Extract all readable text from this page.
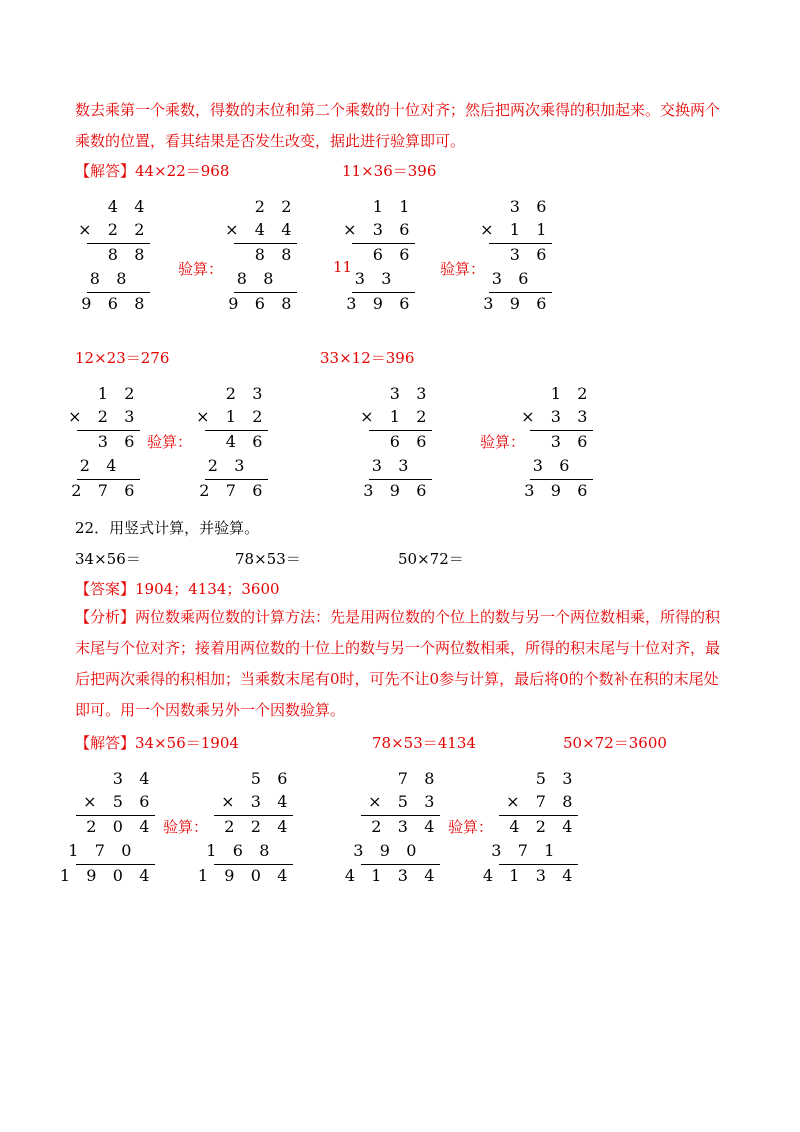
数去乘第一个乘数，得数的末位和第二个乘数的十位对齐；然后把两次乘得的积加起来。交换两个乘数的位置，看其结果是否发生改变，据此进行验算即可。
【解答】44×22＝968	11×36＝396
4 4
× 2 2
8 8
8 8
9 6 8
验算：
2 2
× 4 4
8 8
8 8
9 6 8
11
1 1
× 3 6
6 6
3 3
3 9 6
验算：
3 6
× 1 1
3 6
3 6
3 9 6
12×23＝276	33×12＝396
1 2
× 2 3
3 6
2 4
2 7 6
验算：
2 3
× 1 2
4 6
2 3
2 7 6
3 3
× 1 2
6 6
3 3
3 9 6
验算：
1 2
× 3 3
3 6
3 6
3 9 6
22．用竖式计算，并验算。
34×56＝	78×53＝	50×72＝
【答案】1904；4134；3600
【分析】两位数乘两位数的计算方法：先是用两位数的个位上的数与另一个两位数相乘，所得的积末尾与个位对齐；接着用两位数的十位上的数与另一个两位数相乘，所得的积末尾与十位对齐，最后把两次乘得的积相加；当乘数末尾有0时，可先不让0参与计算，最后将0的个数补在积的末尾处即可。用一个因数乘另外一个因数验算。
【解答】34×56＝1904	78×53＝4134	50×72＝3600
3 4
× 5 6
2 0 4
1 7 0
1 9 0 4
验算：
5 6
× 3 4
2 2 4
1 6 8
1 9 0 4
7 8
× 5 3
2 3 4
3 9 0
4 1 3 4
验算：
5 3
× 7 8
4 2 4
3 7 1
4 1 3 4
